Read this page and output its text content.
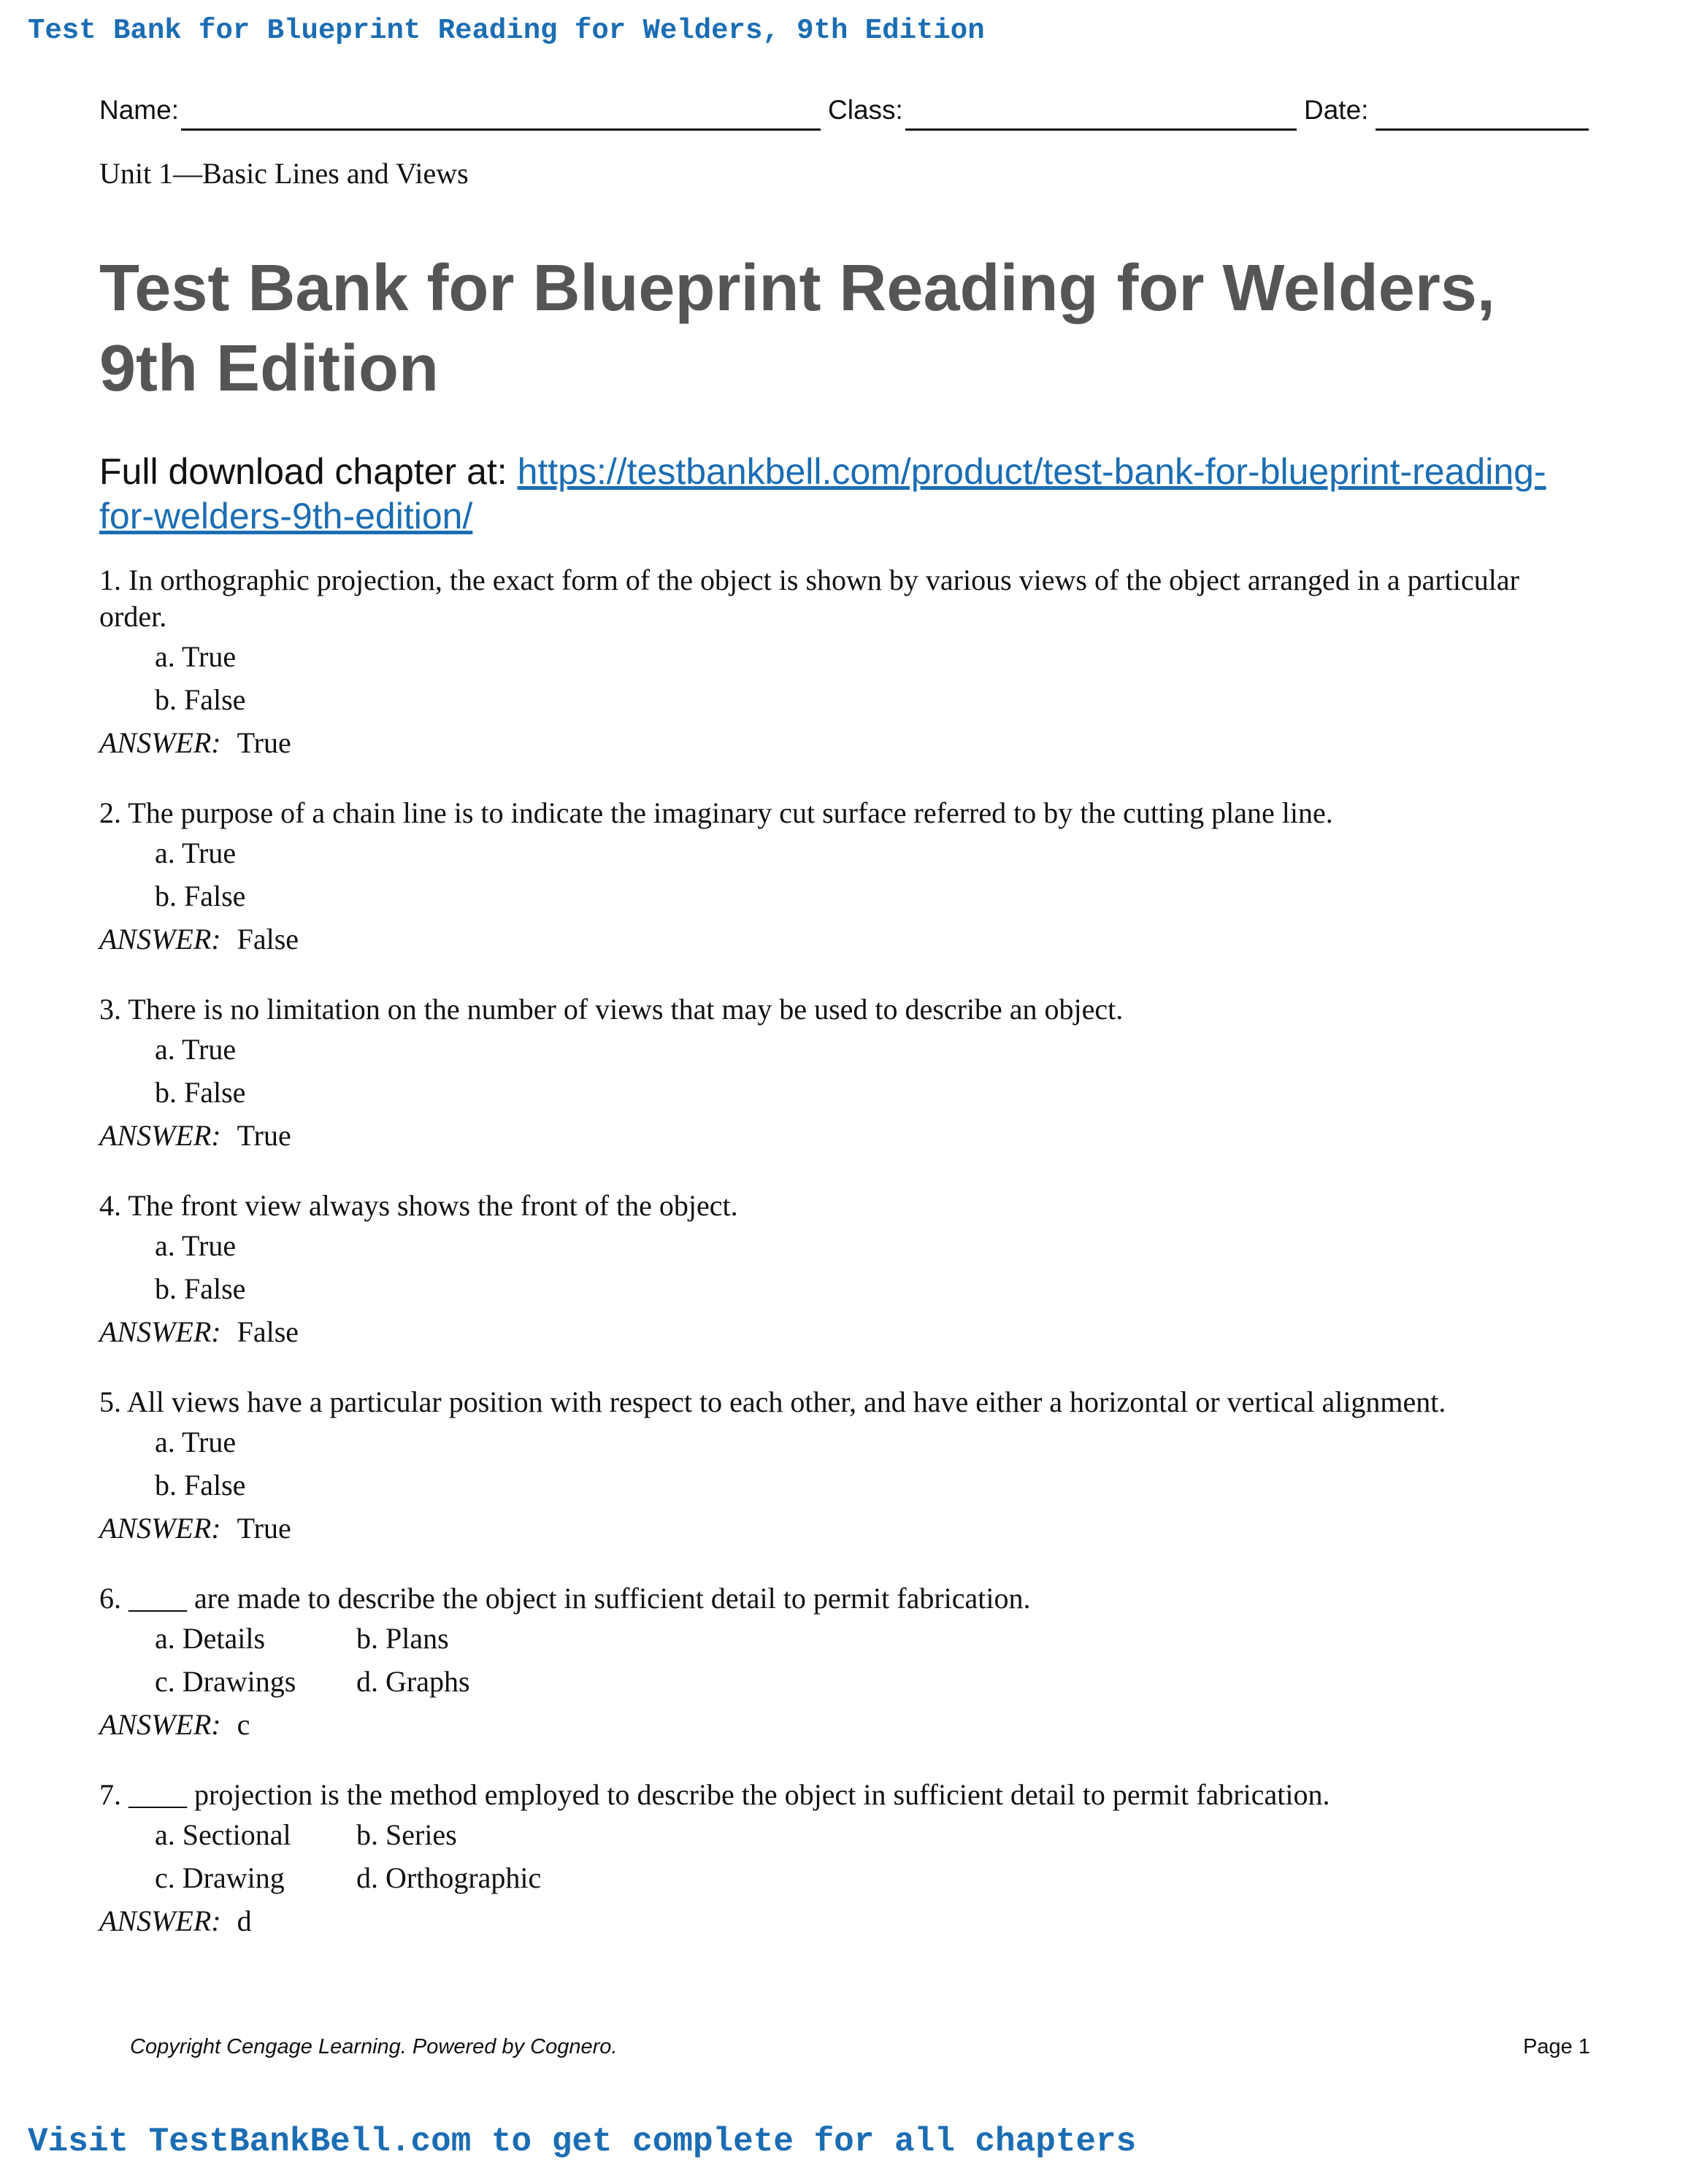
Test Bank for Blueprint Reading for Welders, 9th Edition
Name:	Class:	Date:
Unit 1—Basic Lines and Views
Test Bank for Blueprint Reading for Welders, 9th Edition
Full download chapter at: https://testbankbell.com/product/test-bank-for-blueprint-reading-for-welders-9th-edition/
1. In orthographic projection, the exact form of the object is shown by various views of the object arranged in a particular order.
a. True
b. False
ANSWER: True
2. The purpose of a chain line is to indicate the imaginary cut surface referred to by the cutting plane line.
a. True
b. False
ANSWER: False
3. There is no limitation on the number of views that may be used to describe an object.
a. True
b. False
ANSWER: True
4. The front view always shows the front of the object.
a. True
b. False
ANSWER: False
5. All views have a particular position with respect to each other, and have either a horizontal or vertical alignment.
a. True
b. False
ANSWER: True
6. ____ are made to describe the object in sufficient detail to permit fabrication.
a. Details	b. Plans
c. Drawings d. Graphs
ANSWER: c
7. ____ projection is the method employed to describe the object in sufficient detail to permit fabrication.
a. Sectional b. Series
c. Drawing d. Orthographic
ANSWER: d
Copyright Cengage Learning. Powered by Cognero.	Page 1
Visit TestBankBell.com to get complete for all chapters
